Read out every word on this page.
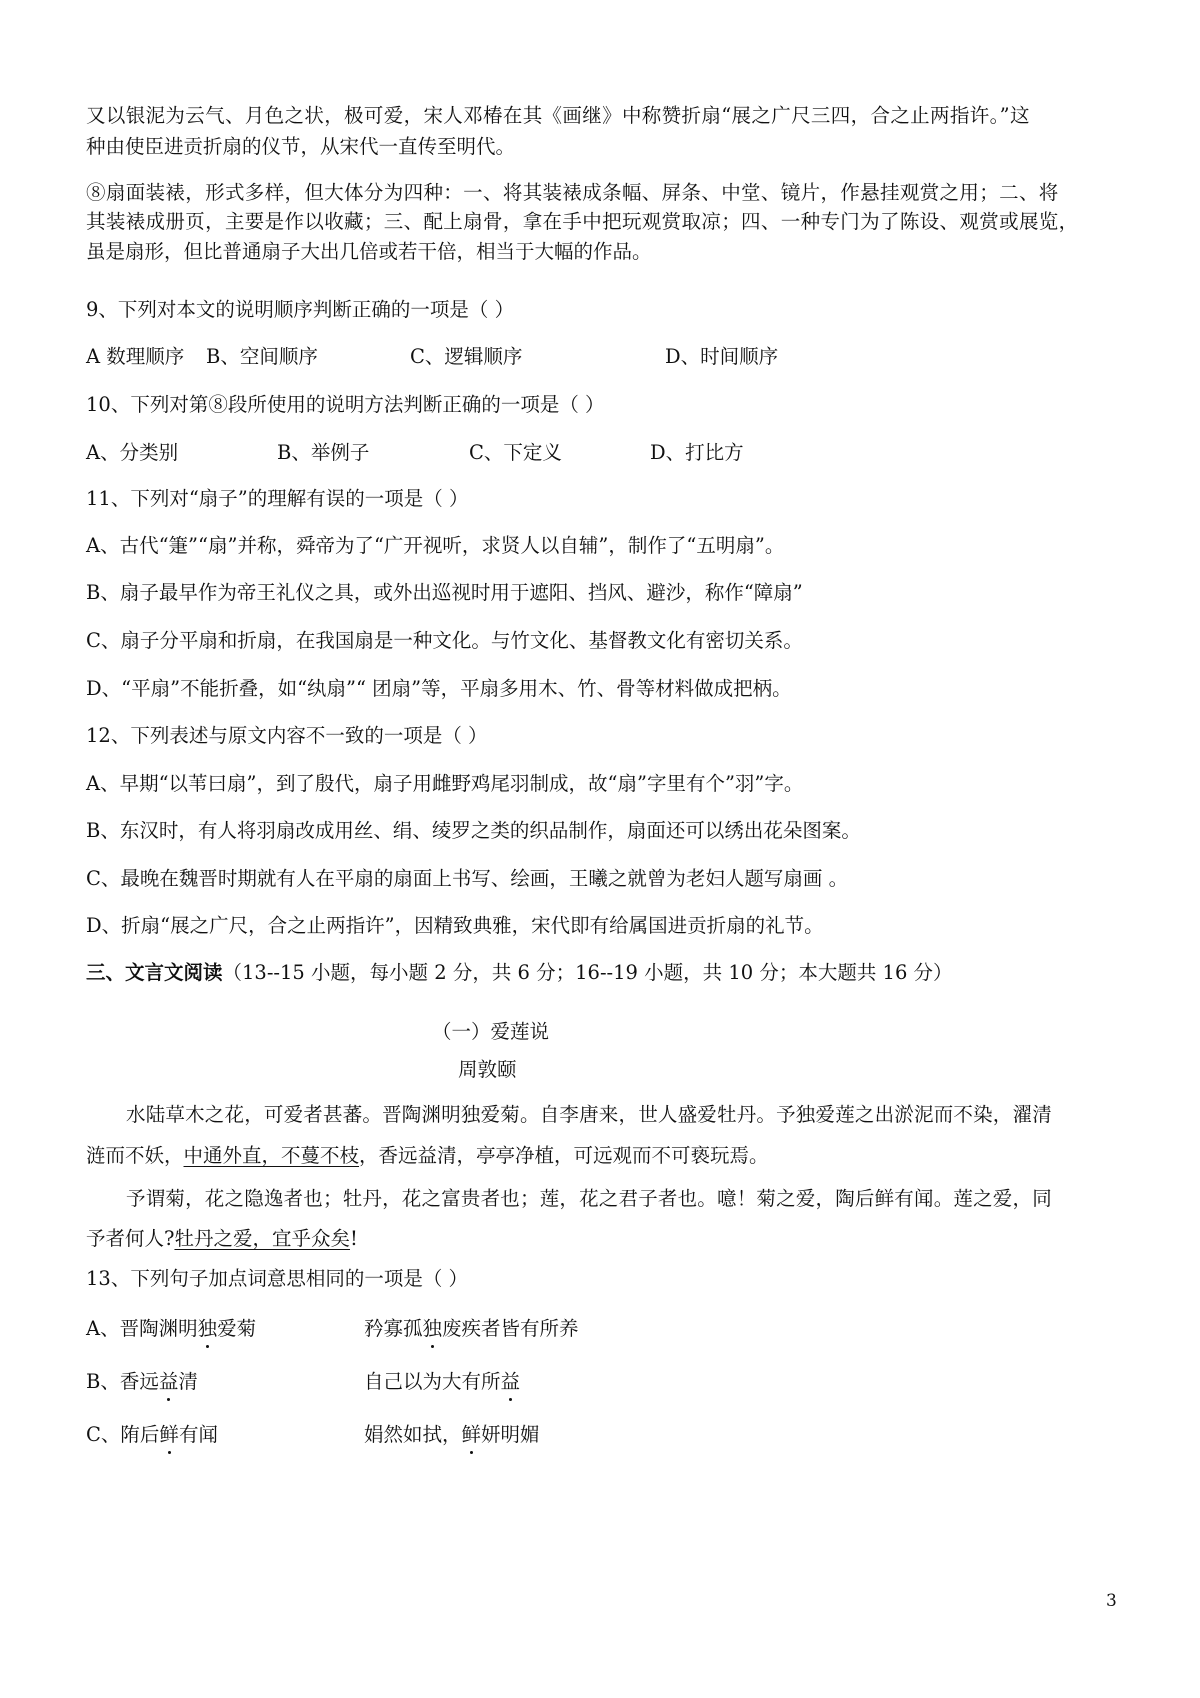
又以银泥为云气、月色之状，极可爱，宋人邓椿在其《画继》中称赞折扇“展之广尺三四，合之止两指许。”这
种由使臣进贡折扇的仪节，从宋代一直传至明代。
⑧扇面装裱，形式多样，但大体分为四种：一、将其装裱成条幅、屏条、中堂、镜片，作悬挂观赏之用；二、将
其装裱成册页，主要是作以收藏；三、配上扇骨，拿在手中把玩观赏取凉；四、一种专门为了陈设、观赏或展览，
虽是扇形，但比普通扇子大出几倍或若干倍，相当于大幅的作品。
9、下列对本文的说明顺序判断正确的一项是（ ）
A 数理顺序 B、空间顺序	C、逻辑顺序	D、时间顺序
10、下列对第⑧段所使用的说明方法判断正确的一项是（ ）
A、分类别	B、举例子	C、下定义	D、打比方
11、下列对“扇子”的理解有误的一项是（ ）
A、古代“箑”“扇”并称，舜帝为了“广开视听，求贤人以自辅”，制作了“五明扇”。
B、扇子最早作为帝王礼仪之具，或外出巡视时用于遮阳、挡风、避沙，称作“障扇”
C、扇子分平扇和折扇，在我国扇是一种文化。与竹文化、基督教文化有密切关系。
D、“平扇”不能折叠，如“纨扇”“ 团扇”等，平扇多用木、竹、骨等材料做成把柄。
12、下列表述与原文内容不一致的一项是（ ）
A、早期“以苇曰扇”，到了殷代，扇子用雌野鸡尾羽制成，故“扇”字里有个”羽”字。
B、东汉时，有人将羽扇改成用丝、绢、绫罗之类的织品制作，扇面还可以绣出花朵图案。
C、最晚在魏晋时期就有人在平扇的扇面上书写、绘画，王曦之就曾为老妇人题写扇画 。
D、折扇“展之广尺，合之止两指许”，因精致典雅，宋代即有给属国进贡折扇的礼节。
三、文言文阅读（13--15 小题，每小题 2 分，共 6 分；16--19 小题，共 10 分；本大题共 16 分）
（一）爱莲说
周敦颐
水陆草木之花，可爱者甚蕃。晋陶渊明独爱菊。自李唐来，世人盛爱牡丹。予独爱莲之出淤泥而不染，濯清
涟而不妖，中通外直，不蔓不枝，香远益清，亭亭净植，可远观而不可亵玩焉。
予谓菊，花之隐逸者也；牡丹，花之富贵者也；莲，花之君子者也。噫！菊之爱，陶后鲜有闻。莲之爱，同
予者何人?牡丹之爱，宜乎众矣!
13、下列句子加点词意思相同的一项是（ ）
A、晋陶渊明独爱菊	矜寡孤独废疾者皆有所养
B、香远益清	自己以为大有所益
C、陏后鲜有闻	娟然如拭，鲜妍明媚
3
